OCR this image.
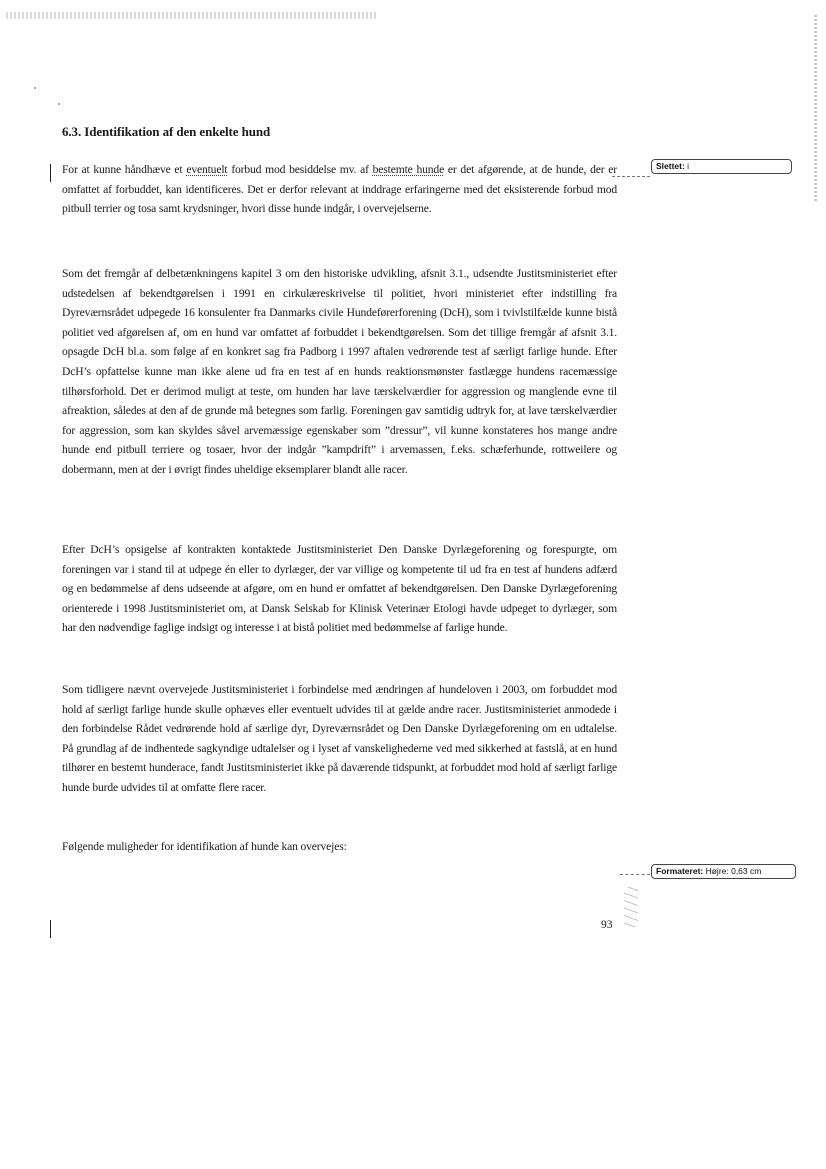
6.3. Identifikation af den enkelte hund

For at kunne håndhæve et eventuelt forbud mod besiddelse mv. af bestemte hunde er det afgørende, at de hunde, der er omfattet af forbuddet, kan identificeres. Det er derfor relevant at inddrage erfaringerne med det eksisterende forbud mod pitbull terrier og tosa samt krydsninger, hvori disse hunde indgår, i overvejelserne.

Slettet: i

Som det fremgår af delbetænkningens kapitel 3 om den historiske udvikling, afsnit 3.1., udsendte Justitsministeriet efter udstedelsen af bekendtgørelsen i 1991 en cirkulæreskrivelse til politiet, hvori ministeriet efter indstilling fra Dyreværnsrådet udpegede 16 konsulenter fra Danmarks civile Hundeførerforening (DcH), som i tvivlstilfælde kunne bistå politiet ved afgørelsen af, om en hund var omfattet af forbuddet i bekendtgørelsen. Som det tillige fremgår af afsnit 3.1. opsagde DcH bl.a. som følge af en konkret sag fra Padborg i 1997 aftalen vedrørende test af særligt farlige hunde. Efter DcH’s opfattelse kunne man ikke alene ud fra en test af en hunds reaktionsmønster fastlægge hundens racemæssige tilhørsforhold. Det er derimod muligt at teste, om hunden har lave tærskelværdier for aggression og manglende evne til afreaktion, således at den af de grunde må betegnes som farlig. Foreningen gav samtidig udtryk for, at lave tærskelværdier for aggression, som kan skyldes såvel arvemæssige egenskaber som ”dressur”, vil kunne konstateres hos mange andre hunde end pitbull terriere og tosaer, hvor der indgår ”kampdrift” i arvemassen, f.eks. schæferhunde, rottweilere og dobermann, men at der i øvrigt findes uheldige eksemplarer blandt alle racer.

Efter DcH’s opsigelse af kontrakten kontaktede Justitsministeriet Den Danske Dyrlægeforening og forespurgte, om foreningen var i stand til at udpege én eller to dyrlæger, der var villige og kompetente til ud fra en test af hundens adfærd og en bedømmelse af dens udseende at afgøre, om en hund er omfattet af bekendtgørelsen. Den Danske Dyrlægeforening orienterede i 1998 Justitsministeriet om, at Dansk Selskab for Klinisk Veterinær Etologi havde udpeget to dyrlæger, som har den nødvendige faglige indsigt og interesse i at bistå politiet med bedømmelse af farlige hunde.

Som tidligere nævnt overvejede Justitsministeriet i forbindelse med ændringen af hundeloven i 2003, om forbuddet mod hold af særligt farlige hunde skulle ophæves eller eventuelt udvides til at gælde andre racer. Justitsministeriet anmodede i den forbindelse Rådet vedrørende hold af særlige dyr, Dyreværnsrådet og Den Danske Dyrlægeforening om en udtalelse. På grundlag af de indhentede sagkyndige udtalelser og i lyset af vanskelighederne ved med sikkerhed at fastslå, at en hund tilhører en bestemt hunderace, fandt Justitsministeriet ikke på daværende tidspunkt, at forbuddet mod hold af særligt farlige hunde burde udvides til at omfatte flere racer.

Følgende muligheder for identifikation af hunde kan overvejes:

Formateret: Højre: 0,63 cm

93
